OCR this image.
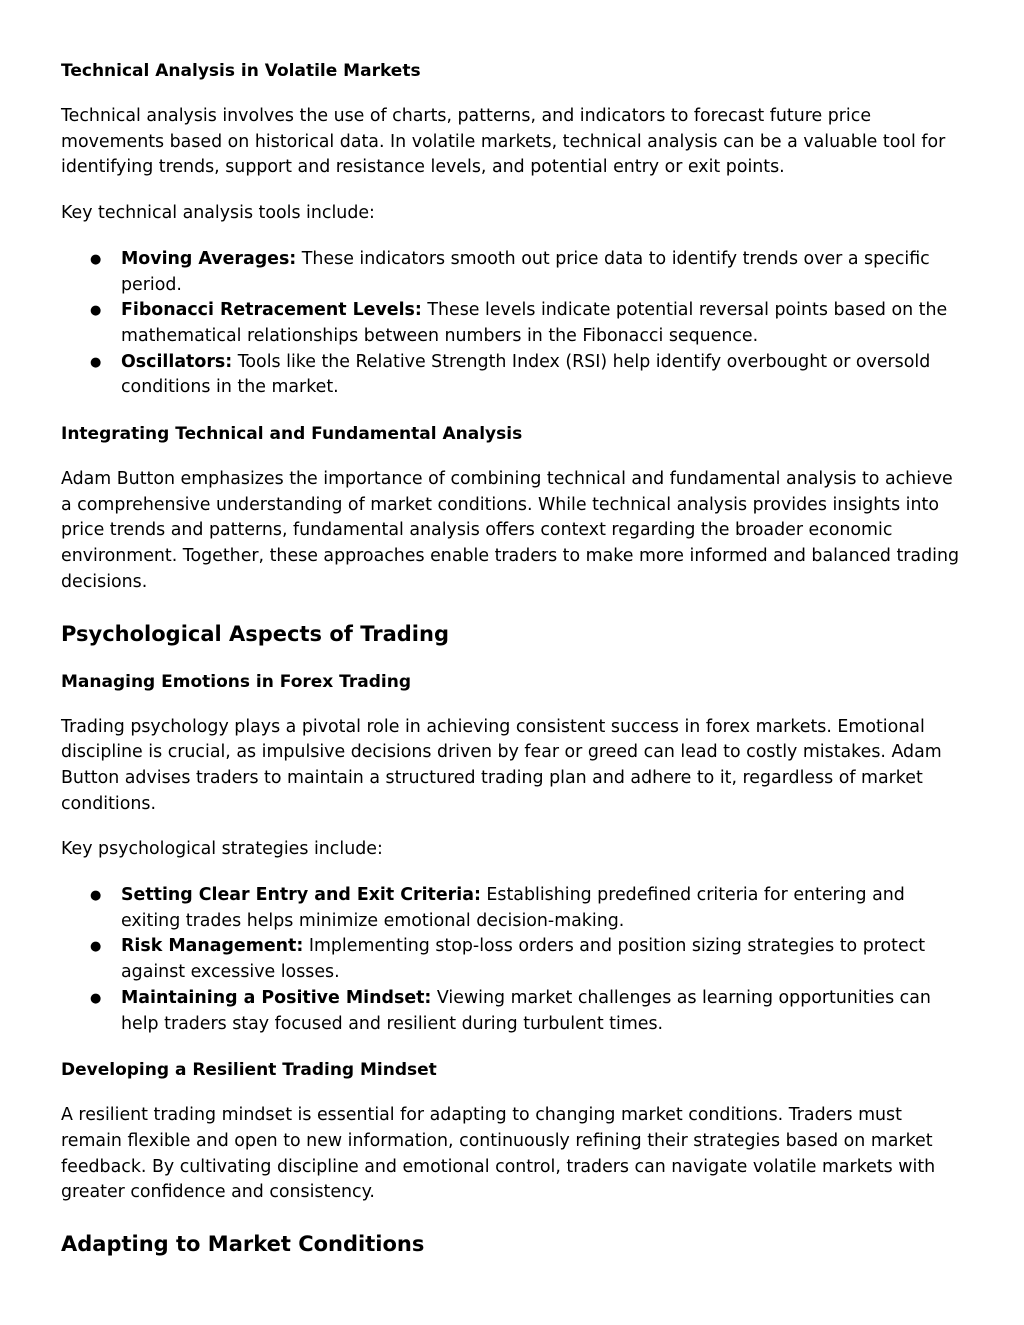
Technical Analysis in Volatile Markets

Technical analysis involves the use of charts, patterns, and indicators to forecast future price movements based on historical data. In volatile markets, technical analysis can be a valuable tool for identifying trends, support and resistance levels, and potential entry or exit points.

Key technical analysis tools include:

● Moving Averages: These indicators smooth out price data to identify trends over a specific period.
● Fibonacci Retracement Levels: These levels indicate potential reversal points based on the mathematical relationships between numbers in the Fibonacci sequence.
● Oscillators: Tools like the Relative Strength Index (RSI) help identify overbought or oversold conditions in the market.
Integrating Technical and Fundamental Analysis

Adam Button emphasizes the importance of combining technical and fundamental analysis to achieve a comprehensive understanding of market conditions. While technical analysis provides insights into price trends and patterns, fundamental analysis offers context regarding the broader economic environment. Together, these approaches enable traders to make more informed and balanced trading decisions.

Psychological Aspects of Trading
Managing Emotions in Forex Trading

Trading psychology plays a pivotal role in achieving consistent success in forex markets. Emotional discipline is crucial, as impulsive decisions driven by fear or greed can lead to costly mistakes. Adam Button advises traders to maintain a structured trading plan and adhere to it, regardless of market conditions.

Key psychological strategies include:

● Setting Clear Entry and Exit Criteria: Establishing predefined criteria for entering and exiting trades helps minimize emotional decision-making.
● Risk Management: Implementing stop-loss orders and position sizing strategies to protect against excessive losses.
● Maintaining a Positive Mindset: Viewing market challenges as learning opportunities can help traders stay focused and resilient during turbulent times.
Developing a Resilient Trading Mindset

A resilient trading mindset is essential for adapting to changing market conditions. Traders must remain flexible and open to new information, continuously refining their strategies based on market feedback. By cultivating discipline and emotional control, traders can navigate volatile markets with greater confidence and consistency.

Adapting to Market Conditions
